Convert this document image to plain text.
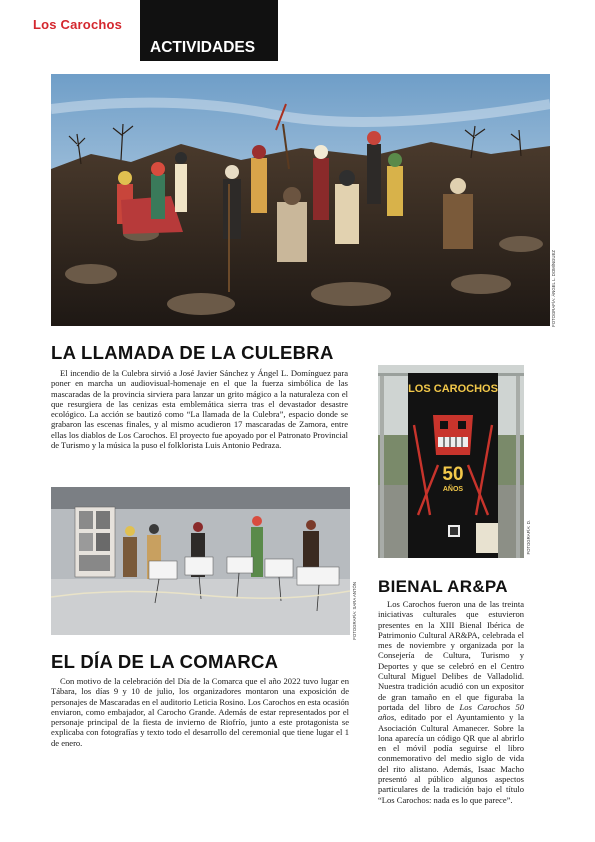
Los Carochos
ACTIVIDADES
FOTOGRAFÍA: ÁNGEL L. DOMÍNGUEZ
LA LLAMADA DE LA CULEBRA

El incendio de la Culebra sirvió a José Javier Sánchez y Ángel L. Domínguez para poner en marcha un audiovisual-homenaje en el que la fuerza simbólica de las mascaradas de la provincia sirviera para lanzar un grito mágico a la naturaleza con el que resurgiera de las cenizas esta emblemática sierra tras el devastador desastre ecológico. La acción se bautizó como “La llamada de la Culebra”, espacio donde se grabaron las escenas finales, y al mismo acudieron 17 mascaradas de Zamora, entre ellas los diablos de Los Carochos. El proyecto fue apoyado por el Patronato Provincial de Turismo y la música la puso el folklorista Luis Antonio Pedraza.

FOTOGRAFÍA: SARA ANTÓN
EL DÍA DE LA COMARCA

Con motivo de la celebración del Día de la Comarca que el año 2022 tuvo lugar en Tábara, los días 9 y 10 de julio, los organizadores montaron una exposición de personajes de Mascaradas en el auditorio Leticia Rosino. Los Carochos en esta ocasión enviaron, como embajador, al Carocho Grande. Además de estar representados por el personaje principal de la fiesta de invierno de Riofrío, junto a este protagonista se explicaba con fotografías y texto todo el desarrollo del ceremonial que tiene lugar el 1 de enero.

LOS CAROCHOS
50
AÑOS
FOTOGRAFÍA: D.
BIENAL AR&PA

Los Carochos fueron una de las treinta iniciativas culturales que estuvieron presentes en la XIII Bienal Ibérica de Patrimonio Cultural AR&PA, celebrada el mes de noviembre y organizada por la Consejería de Cultura, Turismo y Deportes y que se celebró en el Centro Cultural Miguel Delibes de Valladolid. Nuestra tradición acudió con un expositor de gran tamaño en el que figuraba la portada del libro de Los Carochos 50 años, editado por el Ayuntamiento y la Asociación Cultural Amanecer. Sobre la lona aparecía un código QR que al abrirlo en el móvil podía seguirse el libro conmemorativo del medio siglo de vida del rito alistano. Además, Isaac Macho presentó al público algunos aspectos particulares de la tradición bajo el título “Los Carochos: nada es lo que parece”.
